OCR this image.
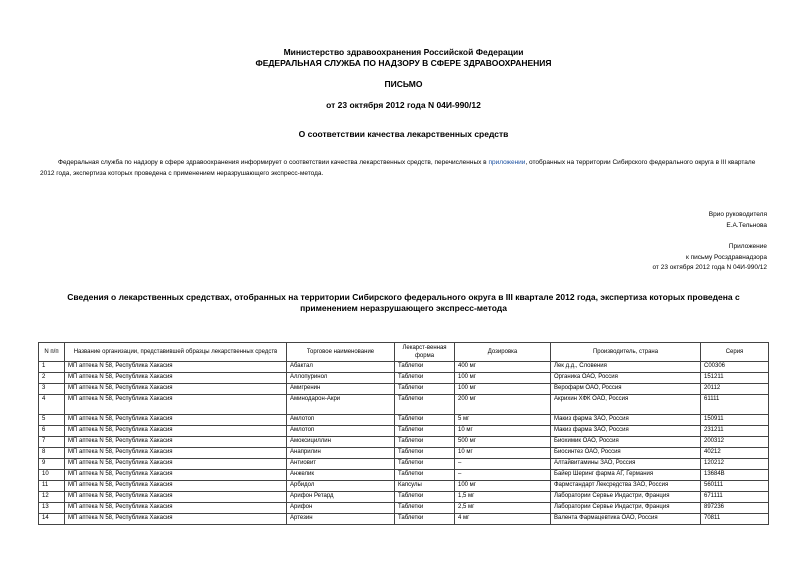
Министерство здравоохранения Российской Федерации
ФЕДЕРАЛЬНАЯ СЛУЖБА ПО НАДЗОРУ В СФЕРЕ ЗДРАВООХРАНЕНИЯ
ПИСЬМО
от 23 октября 2012 года N 04И-990/12
О соответствии качества лекарственных средств
Федеральная служба по надзору в сфере здравоохранения информирует о соответствии качества лекарственных средств, перечисленных в приложении, отобранных на территории Сибирского федерального округа в III квартале 2012 года, экспертиза которых проведена с применением неразрушающего экспресс-метода.
Врио руководителя
Е.А.Тельнова
Приложение
к письму Росздравнадзора
от 23 октября 2012 года N 04И-990/12
Сведения о лекарственных средствах, отобранных на территории Сибирского федерального округа в III квартале 2012 года, экспертиза которых проведена с применением неразрушающего экспресс-метода
N п/п	Название организации, представившей образцы лекарственных средств	Торговое наименование	Лекарст-венная форма	Дозировка	Производитель, страна	Серия
1	МП аптека N 58, Республика Хакасия	Абактал	Таблетки	400 мг	Лек д.д., Словения	C00306
2	МП аптека N 58, Республика Хакасия	Аллопуринол	Таблетки	100 мг	Органика ОАО, Россия	151211
3	МП аптека N 58, Республика Хакасия	Амигренин	Таблетки	100 мг	Верофарм ОАО, Россия	20112
4	МП аптека N 58, Республика Хакасия	Аминодарон-Акри	Таблетки	200 мг	Акрихин ХФК ОАО, Россия	61111
5	МП аптека N 58, Республика Хакасия	Амлотоп	Таблетки	5 мг	Макиз фарма ЗАО, Россия	150911
6	МП аптека N 58, Республика Хакасия	Амлотоп	Таблетки	10 мг	Макиз фарма ЗАО, Россия	231211
7	МП аптека N 58, Республика Хакасия	Амоксициллин	Таблетки	500 мг	Биохимик ОАО, Россия	200312
8	МП аптека N 58, Республика Хакасия	Анаприлин	Таблетки	10 мг	Биосинтез ОАО, Россия	40212
9	МП аптека N 58, Республика Хакасия	Антиовит	Таблетки	–	Алтайвитамины ЗАО, Россия	120212
10	МП аптека N 58, Республика Хакасия	Анжелик	Таблетки	–	Байер Шеринг фарма АГ, Германия	13684В
11	МП аптека N 58, Республика Хакасия	Арбидол	Капсулы	100 мг	Фармстандарт Лексредства ЗАО, Россия	560111
12	МП аптека N 58, Республика Хакасия	Арифон Ретард	Таблетки	1,5 мг	Лаборатории Сервье Индастри, Франция	671111
13	МП аптека N 58, Республика Хакасия	Арифон	Таблетки	2,5 мг	Лаборатории Сервье Индастри, Франция	897236
14	МП аптека N 58, Республика Хакасия	Артезин	Таблетки	4 мг	Валента Фармацевтика ОАО, Россия	70811
